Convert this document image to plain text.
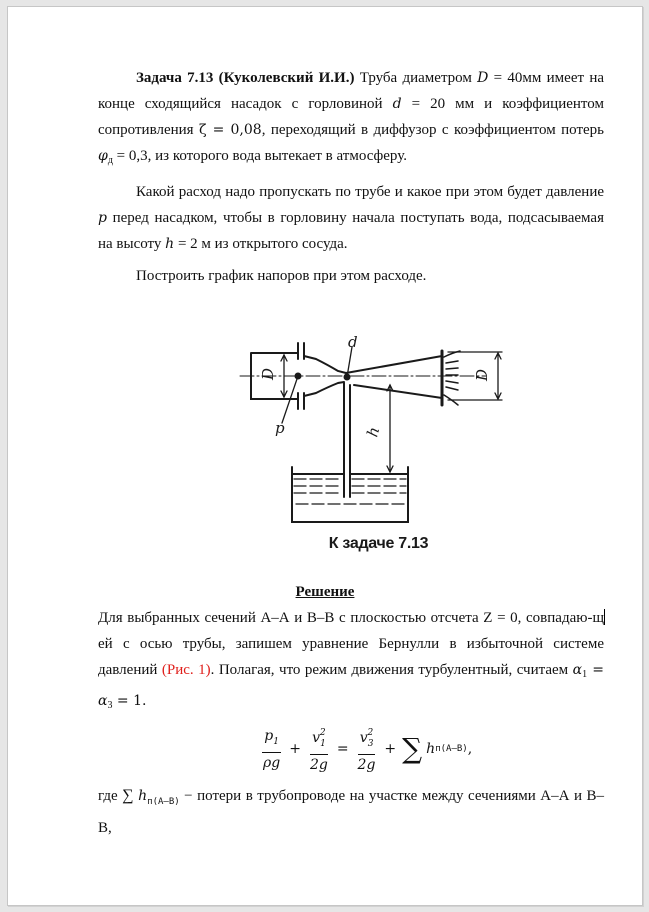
Задача 7.13 (Куколевский И.И.) Труба диаметром D = 40мм имеет на конце сходящийся насадок с горловиной d = 20 мм и коэффициентом сопротивления ζ = 0,08, переходящий в диффузор с коэффициентом потерь $\varphi_д = 0,3$, из которого вода вытекает в атмосферу.
Какой расход надо пропускать по трубе и какое при этом будет давление p перед насадком, чтобы в горловину начала поступать вода, подсасываемая на высоту h = 2 м из открытого сосуда.
Построить график напоров при этом расходе.
D	D
d
p	h
К задаче 7.13
Решение
Для выбранных сечений А–А и В–В с плоскостью отсчета Z = 0, совпадаю-щей с осью трубы, запишем уравнение Бернулли в избыточной системе давлений (Рис. 1). Полагая, что режим движения турбулентный, считаем $\alpha_1 = \alpha_3 = 1$.
$\frac{p_1}{\rho g} + \frac{v_1^2}{2g} = \frac{v_3^2}{2g}$ + ∑ h п(A–В) ,
где ∑ $h_{п(A-В)}$ − потери в трубопроводе на участке между сечениями А–А и В–В,
